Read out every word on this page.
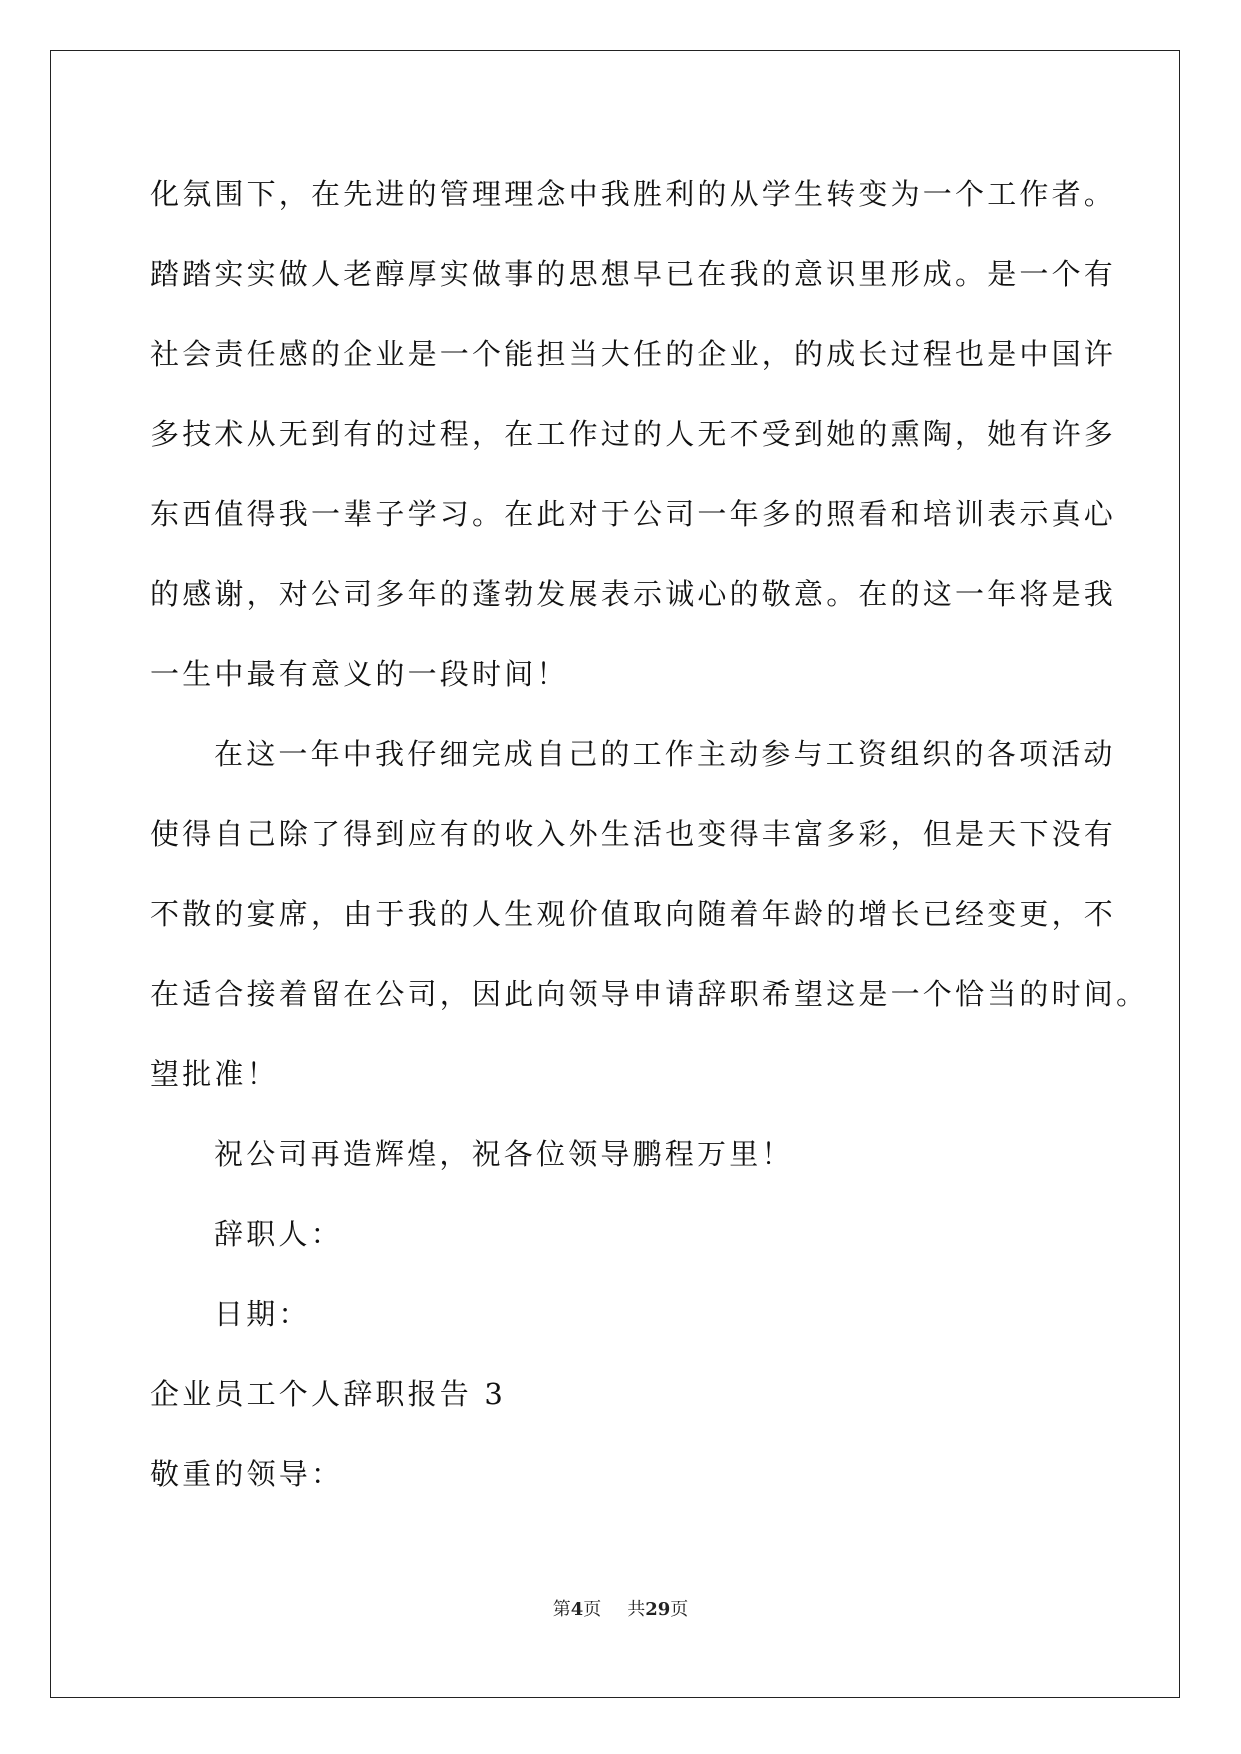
化氛围下，在先进的管理理念中我胜利的从学生转变为一个工作者。
踏踏实实做人老醇厚实做事的思想早已在我的意识里形成。是一个有
社会责任感的企业是一个能担当大任的企业，的成长过程也是中国许
多技术从无到有的过程，在工作过的人无不受到她的熏陶，她有许多
东西值得我一辈子学习。在此对于公司一年多的照看和培训表示真心
的感谢，对公司多年的蓬勃发展表示诚心的敬意。在的这一年将是我
一生中最有意义的一段时间！
在这一年中我仔细完成自己的工作主动参与工资组织的各项活动
使得自己除了得到应有的收入外生活也变得丰富多彩，但是天下没有
不散的宴席，由于我的人生观价值取向随着年龄的增长已经变更，不
在适合接着留在公司，因此向领导申请辞职希望这是一个恰当的时间。
望批准！
祝公司再造辉煌，祝各位领导鹏程万里！
辞职人：
日期：
企业员工个人辞职报告 3
敬重的领导：
第4页 共29页
